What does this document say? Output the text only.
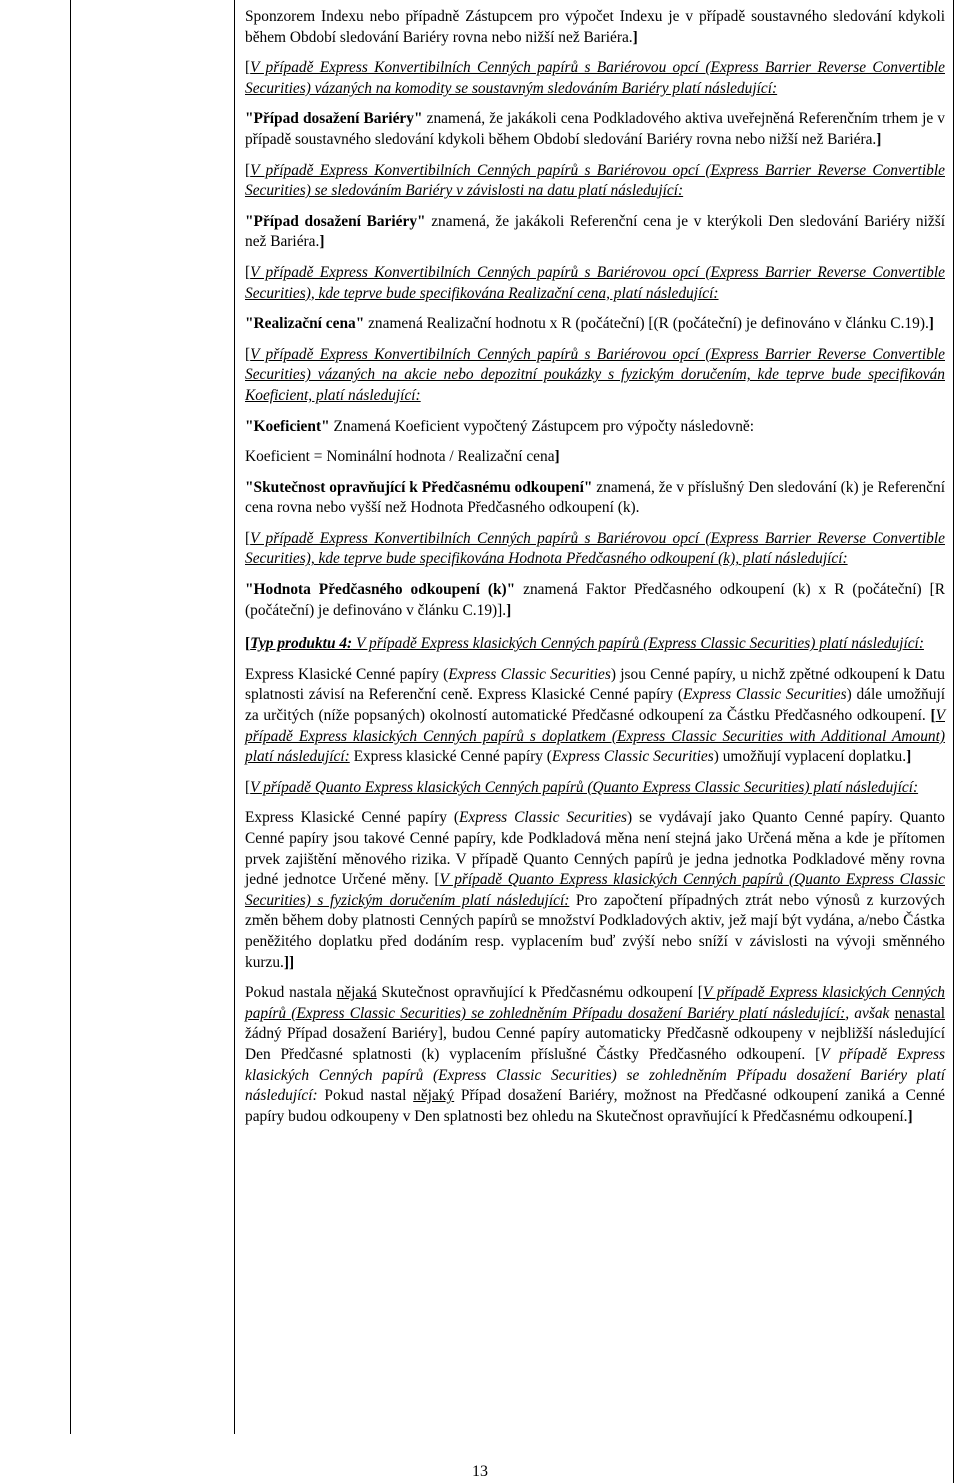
Sponzorem Indexu nebo případně Zástupcem pro výpočet Indexu je v případě soustavného sledování kdykoli během Období sledování Bariéry rovna nebo nižší než Bariéra.]

[V případě Express Konvertibilních Cenných papírů s Bariérovou opcí (Express Barrier Reverse Convertible Securities) vázaných na komodity se soustavným sledováním Bariéry platí následující:

"Případ dosažení Bariéry" znamená, že jakákoli cena Podkladového aktiva uveřejněná Referenčním trhem je v případě soustavného sledování kdykoli během Období sledování Bariéry rovna nebo nižší než Bariéra.]

[V případě Express Konvertibilních Cenných papírů s Bariérovou opcí (Express Barrier Reverse Convertible Securities) se sledováním Bariéry v závislosti na datu platí následující:

"Případ dosažení Bariéry" znamená, že jakákoli Referenční cena je v kterýkoli Den sledování Bariéry nižší než Bariéra.]

[V případě Express Konvertibilních Cenných papírů s Bariérovou opcí (Express Barrier Reverse Convertible Securities), kde teprve bude specifikována Realizační cena, platí následující:

"Realizační cena" znamená Realizační hodnotu x R (počáteční) [(R (počáteční) je definováno v článku C.19).]

[V případě Express Konvertibilních Cenných papírů s Bariérovou opcí (Express Barrier Reverse Convertible Securities) vázaných na akcie nebo depozitní poukázky s fyzickým doručením, kde teprve bude specifikován Koeficient, platí následující:

"Koeficient" Znamená Koeficient vypočtený Zástupcem pro výpočty následovně:

Koeficient = Nominální hodnota / Realizační cena]

"Skutečnost opravňující k Předčasnému odkoupení" znamená, že v příslušný Den sledování (k) je Referenční cena rovna nebo vyšší než Hodnota Předčasného odkoupení (k).

[V případě Express Konvertibilních Cenných papírů s Bariérovou opcí (Express Barrier Reverse Convertible Securities), kde teprve bude specifikována Hodnota Předčasného odkoupení (k), platí následující:

"Hodnota Předčasného odkoupení (k)" znamená Faktor Předčasného odkoupení (k) x R (počáteční) [R (počáteční) je definováno v článku C.19)].]

[Typ produktu 4: V případě Express klasických Cenných papírů (Express Classic Securities) platí následující:

Express Klasické Cenné papíry (Express Classic Securities) jsou Cenné papíry, u nichž zpětné odkoupení k Datu splatnosti závisí na Referenční ceně. Express Klasické Cenné papíry (Express Classic Securities) dále umožňují za určitých (níže popsaných) okolností automatické Předčasné odkoupení za Částku Předčasného odkoupení. [V případě Express klasických Cenných papírů s doplatkem (Express Classic Securities with Additional Amount) platí následující: Express klasické Cenné papíry (Express Classic Securities) umožňují vyplacení doplatku.]

[V případě Quanto Express klasických Cenných papírů (Quanto Express Classic Securities) platí následující:

Express Klasické Cenné papíry (Express Classic Securities) se vydávají jako Quanto Cenné papíry. Quanto Cenné papíry jsou takové Cenné papíry, kde Podkladová měna není stejná jako Určená měna a kde je přítomen prvek zajištění měnového rizika. V případě Quanto Cenných papírů je jedna jednotka Podkladové měny rovna jedné jednotce Určené měny. [V případě Quanto Express klasických Cenných papírů (Quanto Express Classic Securities) s fyzickým doručením platí následující: Pro započtení případných ztrát nebo výnosů z kurzových změn během doby platnosti Cenných papírů se množství Podkladových aktiv, jež mají být vydána, a/nebo Částka peněžitého doplatku před dodáním resp. vyplacením buď zvýší nebo sníží v závislosti na vývoji směnného kurzu.]]

Pokud nastala nějaká Skutečnost opravňující k Předčasnému odkoupení [V případě Express klasických Cenných papírů (Express Classic Securities) se zohledněním Případu dosažení Bariéry platí následující:, avšak nenastal žádný Případ dosažení Bariéry], budou Cenné papíry automaticky Předčasně odkoupeny v nejbližší následující Den Předčasné splatnosti (k) vyplacením příslušné Částky Předčasného odkoupení. [V případě Express klasických Cenných papírů (Express Classic Securities) se zohledněním Případu dosažení Bariéry platí následující: Pokud nastal nějaký Případ dosažení Bariéry, možnost na Předčasné odkoupení zaniká a Cenné papíry budou odkoupeny v Den splatnosti bez ohledu na Skutečnost opravňující k Předčasnému odkoupení.]

13
